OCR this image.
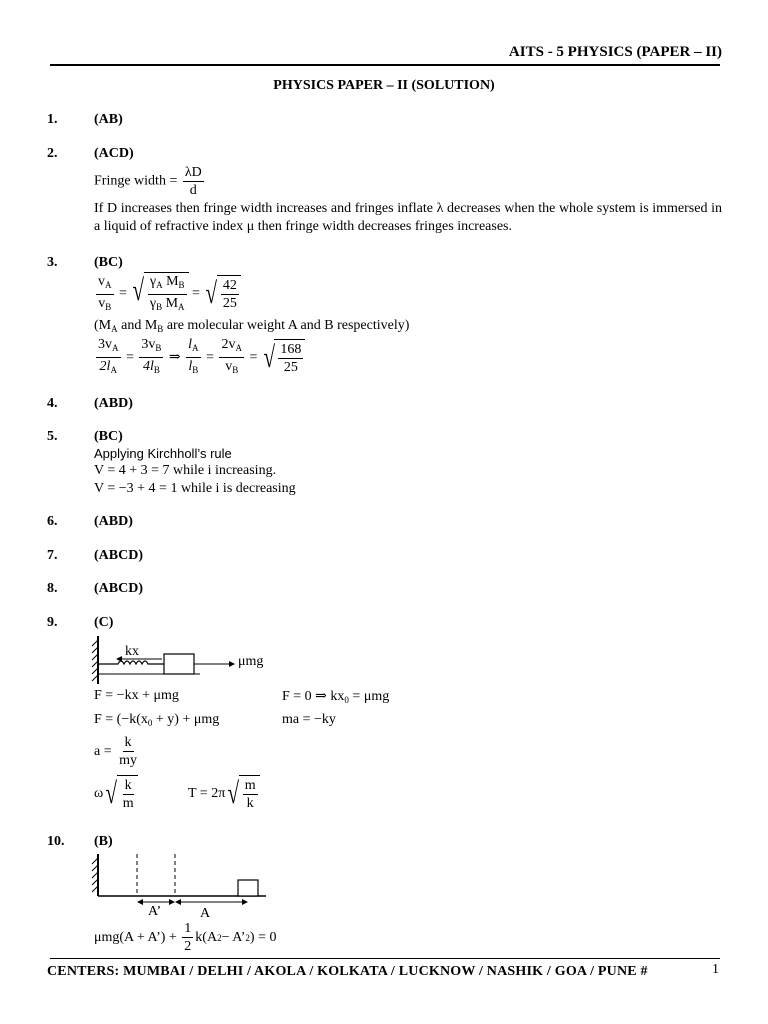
AITS - 5 PHYSICS (PAPER – II)
PHYSICS PAPER – II (SOLUTION)
1.	(AB)
2.	(ACD)
Fringe width = $\frac{\lambda D}{d}$
If D increases then fringe width increases and fringes inflate λ decreases when the whole system is immersed in a liquid of refractive index μ then fringe width decreases fringes increases.
3.	(BC)
$\frac{v_A}{v_B}$ = √ $\frac{\gamma_A M_B}{\gamma_B M_A}$ = √ $\frac{42}{25}$
($M_A$ and $M_B$ are molecular weight A and B respectively)
$\frac{3v_A}{2l_A} = \frac{3v_B}{4l_B}$ ⇒ $\frac{l_A}{l_B} = \frac{2v_A}{v_B}$ = √ $\frac{168}{25}$
4.	(ABD)
5.	(BC)
Applying Kirchholl’s rule
V = 4 + 3 = 7 while i increasing.
V = −3 + 4 = 1 while i is decreasing
6.	(ABD)
7.	(ABCD)
8.	(ABCD)
9.	(C)
kx
μmg
F = −kx + μmg	F = 0 ⇒ $kx_0 = \mu mg$
$F = (-k(x_0 + y) + \mu mg$	ma = −ky
a =
$\frac{k}{my}$
ω √ $\frac{k}{m}$	T = 2π √ $\frac{m}{k}$
10. (B)
A’	A
μmg(A + A’) +
$\frac{1}{2} k(A$ 2 − A’ 2 ) = 0
CENTERS: MUMBAI / DELHI / AKOLA / KOLKATA / LUCKNOW / NASHIK / GOA / PUNE #	1
